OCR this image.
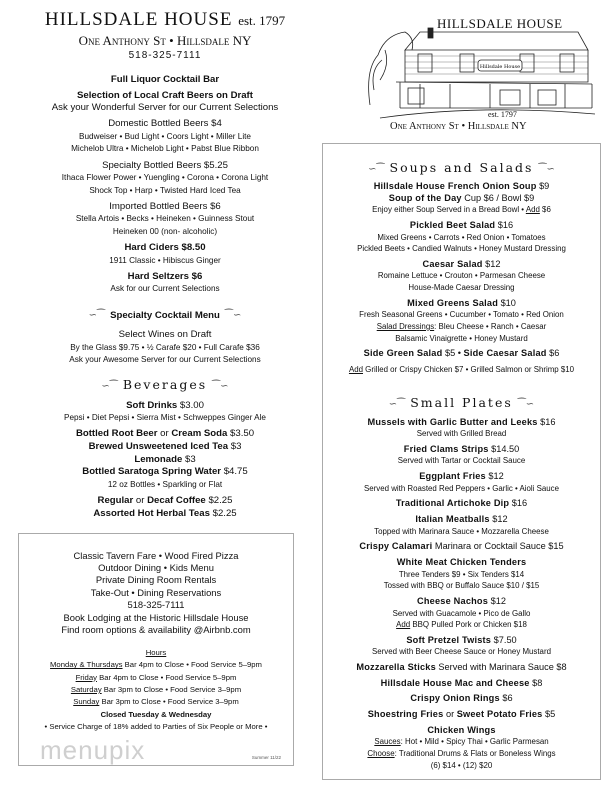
HILLSDALE HOUSE est. 1797
One Anthony St • Hillsdale NY
518-325-7111
Full Liquor Cocktail Bar
Selection of Local Craft Beers on Draft
Ask your Wonderful Server for our Current Selections
Domestic Bottled Beers $4
Budweiser • Bud Light • Coors Light • Miller Lite
Michelob Ultra • Michelob Light • Pabst Blue Ribbon
Specialty Bottled Beers $5.25
Ithaca Flower Power • Yuengling • Corona • Corona Light
Shock Top • Harp • Twisted Hard Iced Tea
Imported Bottled Beers $6
Stella Artois • Becks • Heineken • Guinness Stout
Heineken 00 (non- alcoholic)
Hard Ciders $8.50
1911 Classic • Hibiscus Ginger
Hard Seltzers $6
Ask for our Current Selections
∽⁀ Specialty Cocktail Menu ⁀∽
Select Wines on Draft
By the Glass $9.75 • ½ Carafe $20 • Full Carafe $36
Ask your Awesome Server for our Current Selections
∽⁀ Beverages ⁀∽
Soft Drinks $3.00
Pepsi • Diet Pepsi • Sierra Mist • Schweppes Ginger Ale
Bottled Root Beer or Cream Soda $3.50
Brewed Unsweetened Iced Tea $3
Lemonade $3
Bottled Saratoga Spring Water $4.75
12 oz Bottles • Sparkling or Flat
Regular or Decaf Coffee $2.25
Assorted Hot Herbal Teas $2.25
Classic Tavern Fare • Wood Fired Pizza
Outdoor Dining • Kids Menu
Private Dining Room Rentals
Take-Out • Dining Reservations
518-325-7111
Book Lodging at the Historic Hillsdale House
Find room options & availability @Airbnb.com
Hours
Monday & Thursdays Bar 4pm to Close • Food Service 5–9pm
Friday Bar 4pm to Close • Food Service 5–9pm
Saturday Bar 3pm to Close • Food Service 3–9pm
Sunday Bar 3pm to Close • Food Service 3–9pm
Closed Tuesday & Wednesday
• Service Charge of 18% added to Parties of Six People or More •
Summer 11/22
Hillsdale House
HILLSDALE HOUSE
est. 1797
One Anthony St • Hillsdale NY
∽⁀ Soups and Salads ⁀∽
Hillsdale House French Onion Soup $9
Soup of the Day Cup $6 / Bowl $9
Enjoy either Soup Served in a Bread Bowl • Add $6
Pickled Beet Salad $16
Mixed Greens • Carrots • Red Onion • Tomatoes
Pickled Beets • Candied Walnuts • Honey Mustard Dressing
Caesar Salad $12
Romaine Lettuce • Crouton • Parmesan Cheese
House-Made Caesar Dressing
Mixed Greens Salad $10
Fresh Seasonal Greens • Cucumber • Tomato • Red Onion
Salad Dressings: Bleu Cheese • Ranch • Caesar
Balsamic Vinaigrette • Honey Mustard
Side Green Salad $5 • Side Caesar Salad $6
Add Grilled or Crispy Chicken $7 • Grilled Salmon or Shrimp $10
∽⁀ Small Plates ⁀∽
Mussels with Garlic Butter and Leeks $16
Served with Grilled Bread
Fried Clams Strips $14.50
Served with Tartar or Cocktail Sauce
Eggplant Fries $12
Served with Roasted Red Peppers • Garlic • Aioli Sauce
Traditional Artichoke Dip $16
Italian Meatballs $12
Topped with Marinara Sauce • Mozzarella Cheese
Crispy Calamari Marinara or Cocktail Sauce $15
White Meat Chicken Tenders
Three Tenders $9 • Six Tenders $14
Tossed with BBQ or Buffalo Sauce $10 / $15
Cheese Nachos $12
Served with Guacamole • Pico de Gallo
Add BBQ Pulled Pork or Chicken $18
Soft Pretzel Twists $7.50
Served with Beer Cheese Sauce or Honey Mustard
Mozzarella Sticks Served with Marinara Sauce $8
Hillsdale House Mac and Cheese $8
Crispy Onion Rings $6
Shoestring Fries or Sweet Potato Fries $5
Chicken Wings
Sauces: Hot • Mild • Spicy Thai • Garlic Parmesan
Choose: Traditional Drums & Flats or Boneless Wings
(6) $14 • (12) $20
menupix
